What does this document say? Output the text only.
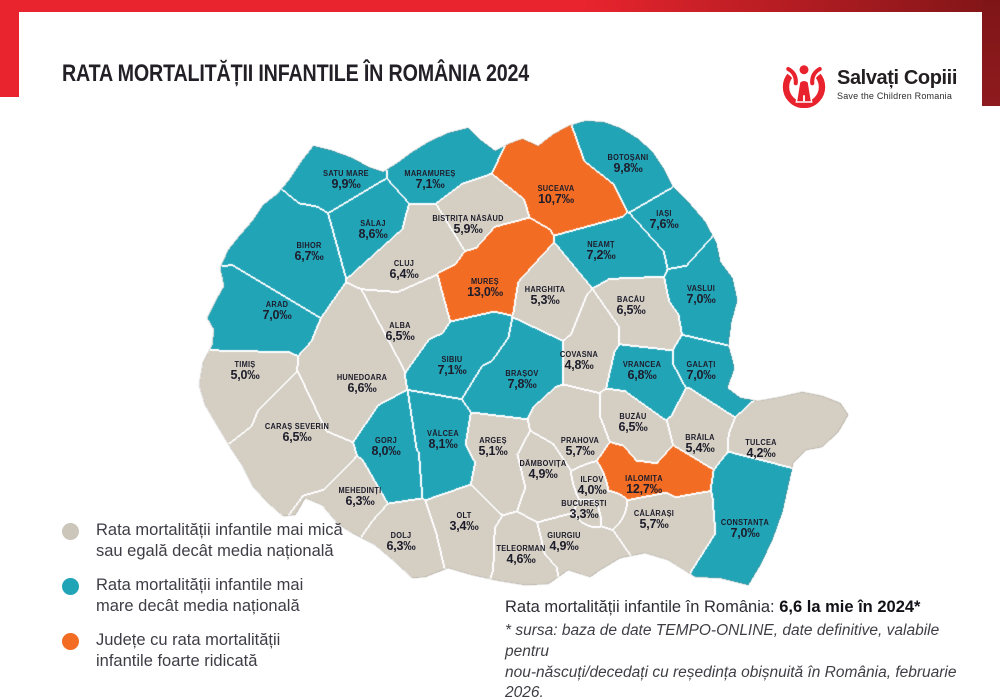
SATU MARE
9,9‰
MARAMUREȘ
7,1‰
BOTOȘANI
9,8‰
SUCEAVA
10,7‰
IAȘI
7,6‰
SĂLAJ
8,6‰
BISTRIȚA NĂSĂUD
5,9‰
NEAMȚ
7,2‰
BIHOR
6,7‰
CLUJ
6,4‰
MUREȘ
13,0‰	HARGHITA
5,3‰	BACĂU
6,5‰
VASLUI
7,0‰
ARAD
7,0‰
ALBA
6,5‰
COVASNA
4,8‰	VRANCEA
6,8‰
GALAȚI
7,0‰
TIMIȘ
5,0‰	HUNEDOARA
6,6‰
SIBIU
7,1‰	BRAȘOV
7,8‰
CARAȘ SEVERIN
6,5‰	GORJ
8,0‰
VÂLCEA
8,1‰	ARGEȘ
5,1‰
PRAHOVA
5,7‰
BUZĂU
6,5‰
BRĂILA
5,4‰	TULCEA
4,2‰
DÂMBOVIȚA
4,9‰
MEHEDINȚI
6,3‰
ILFOV
4,0‰
IALOMIȚA
12,7‰
OLT
3,4‰
BUCUREȘTI
3,3‰	CĂLĂRAȘI
5,7‰	CONSTANȚA
7,0‰
DOLJ
6,3‰
GIURGIU
4,9‰
TELEORMAN
4,6‰
Rata mortalității infantile mai mică
sau egală decât media națională
Rata mortalității infantile mai
mare decât media națională
Județe cu rata mortalității
infantile foarte ridicată
Rata mortalității infantile în România: 6,6 la mie în 2024*
* sursa: baza de date TEMPO-ONLINE, date definitive, valabile pentru
nou-născuți/decedați cu reședința obișnuită în România, februarie 2026.
